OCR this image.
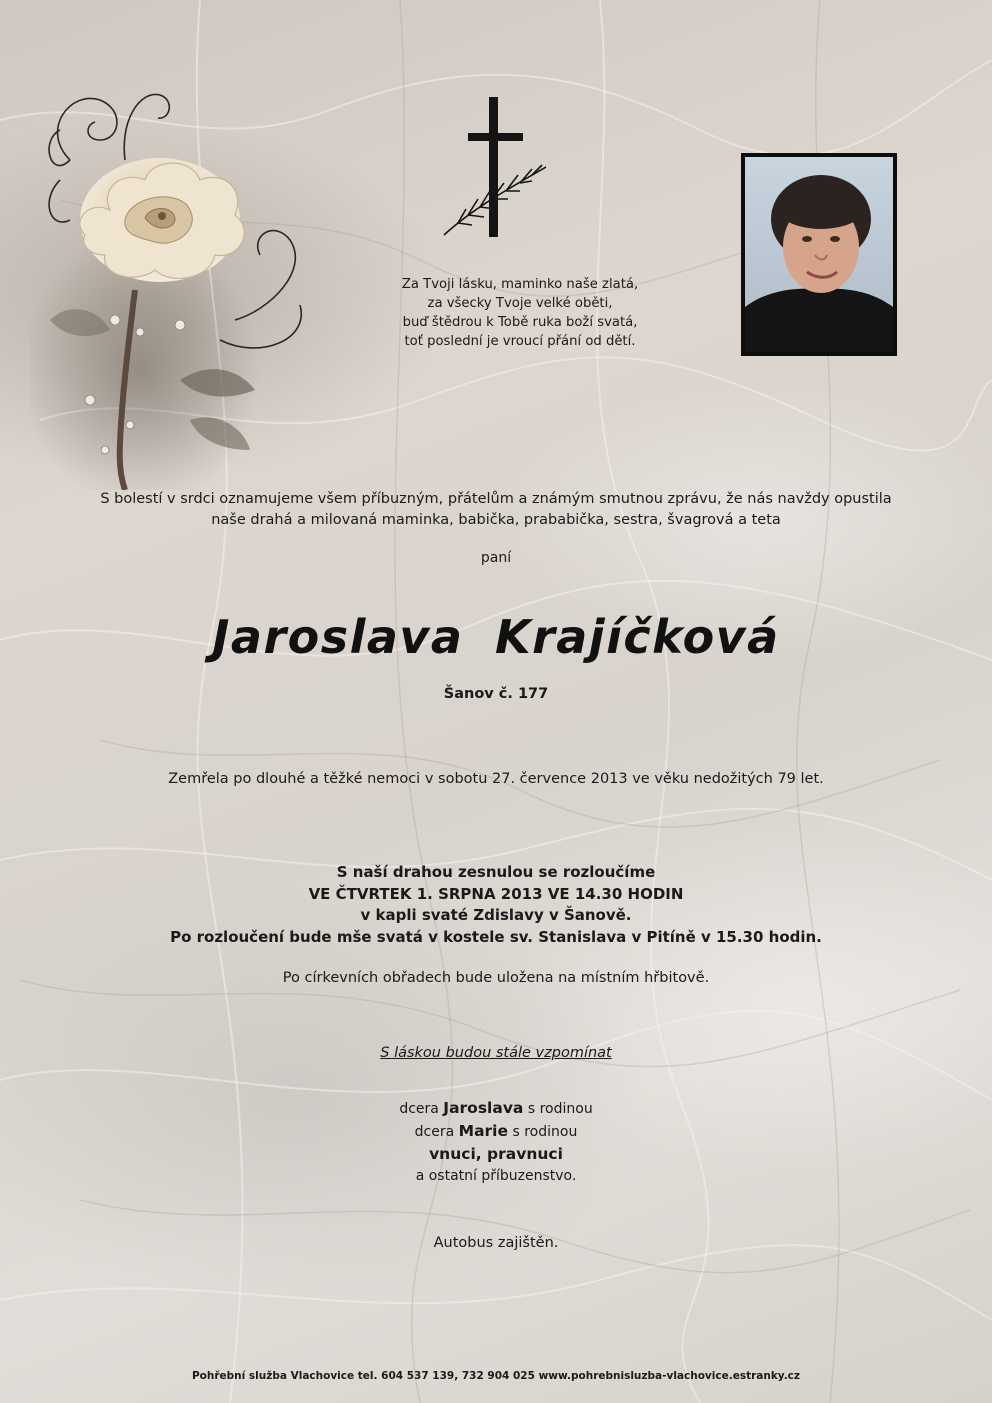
Za Tvoji lásku, maminko naše zlatá,
za všecky Tvoje velké oběti,
buď štědrou k Tobě ruka boží svatá,
toť poslední je vroucí přání od dětí.
S bolestí v srdci oznamujeme všem příbuzným, přátelům a známým smutnou zprávu, že nás navždy opustila
naše drahá a milovaná maminka, babička, prababička, sestra, švagrová a teta
paní
Jaroslava Krajíčková
Šanov č. 177
Zemřela po dlouhé a těžké nemoci v sobotu 27. července 2013 ve věku nedožitých 79 let.
S naší drahou zesnulou se rozloučíme
VE ČTVRTEK 1. SRPNA 2013 VE 14.30 HODIN
v kapli svaté Zdislavy v Šanově.
Po rozloučení bude mše svatá v kostele sv. Stanislava v Pitíně v 15.30 hodin.
Po církevních obřadech bude uložena na místním hřbitově.
S láskou budou stále vzpomínat
dcera Jaroslava s rodinou
dcera Marie s rodinou
vnuci, pravnuci
a ostatní příbuzenstvo.
Autobus zajištěn.
Pohřební služba Vlachovice tel. 604 537 139, 732 904 025 www.pohrebnisluzba-vlachovice.estranky.cz
